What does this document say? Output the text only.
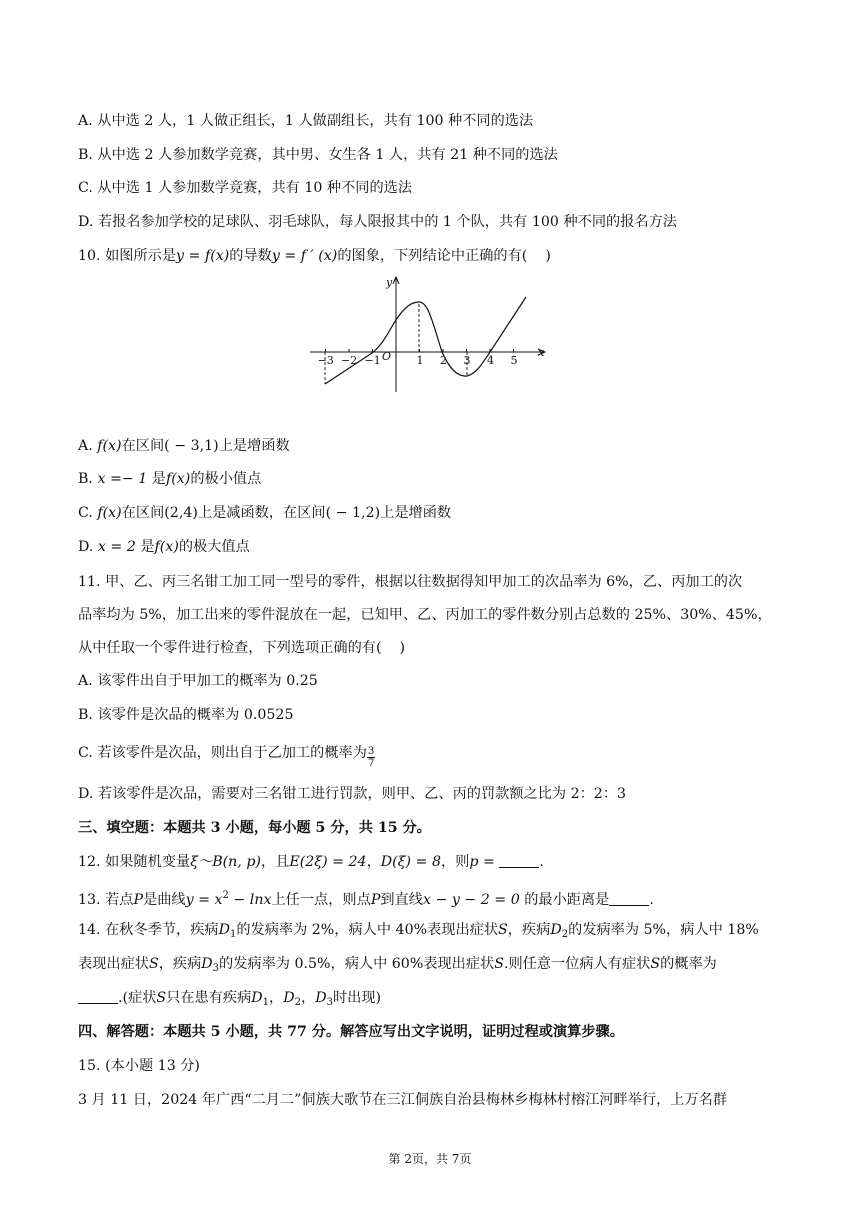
A. 从中选 2 人，1 人做正组长，1 人做副组长，共有 100 种不同的选法
B. 从中选 2 人参加数学竞赛，其中男、女生各 1 人，共有 21 种不同的选法
C. 从中选 1 人参加数学竞赛，共有 10 种不同的选法
D. 若报名参加学校的足球队、羽毛球队，每人限报其中的 1 个队，共有 100 种不同的报名方法
10. 如图所示是y = f(x)的导数y = f ′ (x)的图象，下列结论中正确的有(    )
y
x
O
−3 −2 −1	1 2 3 4 5
A. f(x)在区间( − 3,1)上是增函数
B. x =− 1 是f(x)的极小值点
C. f(x)在区间(2,4)上是减函数，在区间( − 1,2)上是增函数
D. x = 2 是f(x)的极大值点
11. 甲、乙、丙三名钳工加工同一型号的零件，根据以往数据得知甲加工的次品率为 6%，乙、丙加工的次
品率均为 5%，加工出来的零件混放在一起，已知甲、乙、丙加工的零件数分别占总数的 25%、30%、45%，
从中任取一个零件进行检查，下列选项正确的有(    )
A. 该零件出自于甲加工的概率为 0.25
B. 该零件是次品的概率为 0.0525
C. 若该零件是次品，则出自于乙加工的概率为 $\frac{3}{7}$
D. 若该零件是次品，需要对三名钳工进行罚款，则甲、乙、丙的罚款额之比为 2：2：3
三、填空题：本题共 3 小题，每小题 5 分，共 15 分。
12. 如果随机变量ξ～B(n, p)，且E(2ξ) = 24，D(ξ) = 8，则p =	.
13. 若点P是曲线$y = x^2 - \ln x$上任一点，则点P到直线x − y − 2 = 0 的最小距离是	.
14. 在秋冬季节，疾病$D_1$的发病率为 2%，病人中 40%表现出症状S，疾病$D_2$的发病率为 5%，病人中 18%
表现出症状S，疾病$D_3$的发病率为 0.5%，病人中 60%表现出症状S.则任意一位病人有症状S的概率为
.(症状S只在患有疾病$D_1$，$D_2$，$D_3$时出现)
四、解答题：本题共 5 小题，共 77 分。解答应写出文字说明，证明过程或演算步骤。
15. (本小题 13 分)
3 月 11 日，2024 年广西“二月二”侗族大歌节在三江侗族自治县梅林乡梅林村榕江河畔举行，上万名群
第 2页，共 7页
